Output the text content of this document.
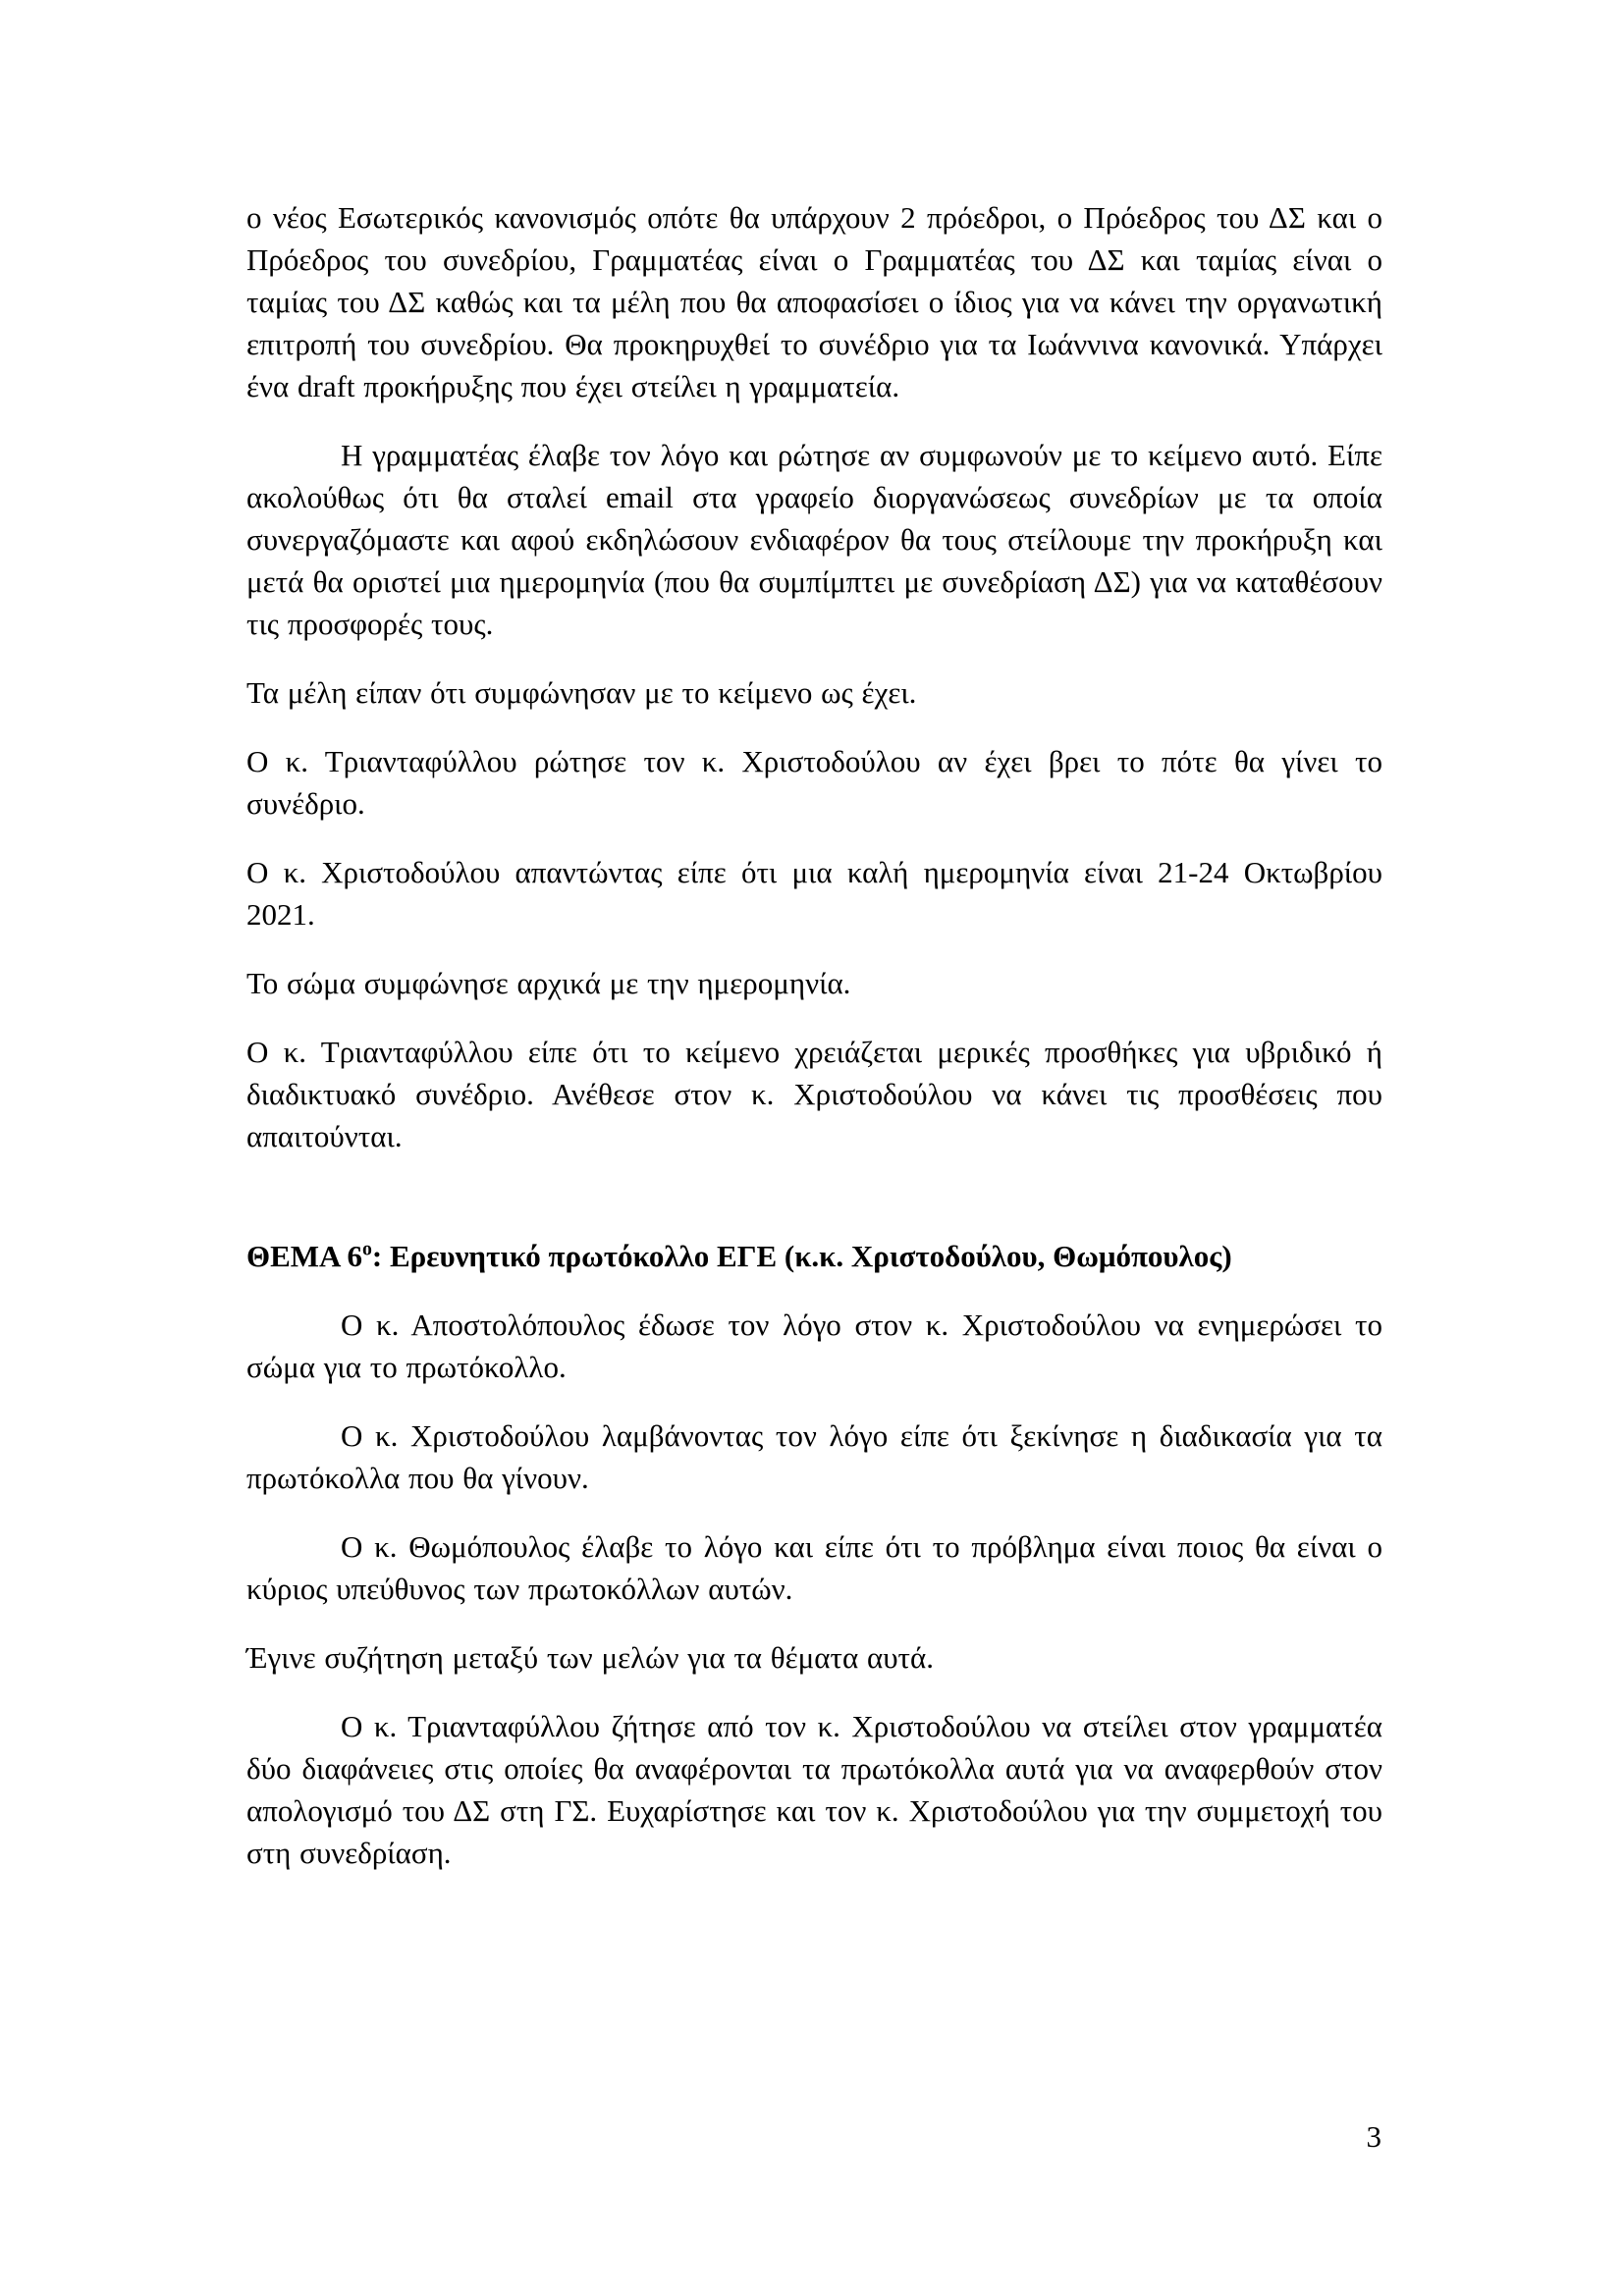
ο νέος Εσωτερικός κανονισμός οπότε θα υπάρχουν 2 πρόεδροι, ο Πρόεδρος του ΔΣ και ο Πρόεδρος του συνεδρίου, Γραμματέας είναι ο Γραμματέας του ΔΣ και ταμίας είναι ο ταμίας του ΔΣ καθώς και τα μέλη που θα αποφασίσει ο ίδιος για να κάνει την οργανωτική επιτροπή του συνεδρίου. Θα προκηρυχθεί το συνέδριο για τα Ιωάννινα κανονικά. Υπάρχει ένα draft προκήρυξης που έχει στείλει η γραμματεία.

Η γραμματέας έλαβε τον λόγο και ρώτησε αν συμφωνούν με το κείμενο αυτό. Είπε ακολούθως ότι θα σταλεί email στα γραφείο διοργανώσεως συνεδρίων με τα οποία συνεργαζόμαστε και αφού εκδηλώσουν ενδιαφέρον θα τους στείλουμε την προκήρυξη και μετά θα οριστεί μια ημερομηνία (που θα συμπίμπτει με συνεδρίαση ΔΣ) για να καταθέσουν τις προσφορές τους.

Τα μέλη είπαν ότι συμφώνησαν με το κείμενο ως έχει.

Ο κ. Τριανταφύλλου ρώτησε τον κ. Χριστοδούλου αν έχει βρει το πότε θα γίνει το συνέδριο.

Ο κ. Χριστοδούλου απαντώντας είπε ότι μια καλή ημερομηνία είναι 21-24 Οκτωβρίου 2021.

Το σώμα συμφώνησε αρχικά με την ημερομηνία.

Ο κ. Τριανταφύλλου είπε ότι το κείμενο χρειάζεται μερικές προσθήκες για υβριδικό ή διαδικτυακό συνέδριο. Ανέθεσε στον κ. Χριστοδούλου να κάνει τις προσθέσεις που απαιτούνται.

ΘΕΜΑ $6^o$: Ερευνητικό πρωτόκολλο ΕΓΕ (κ.κ. Χριστοδούλου, Θωμόπουλος)

Ο κ. Αποστολόπουλος έδωσε τον λόγο στον κ. Χριστοδούλου να ενημερώσει το σώμα για το πρωτόκολλο.

Ο κ. Χριστοδούλου λαμβάνοντας τον λόγο είπε ότι ξεκίνησε η διαδικασία για τα πρωτόκολλα που θα γίνουν.

Ο κ. Θωμόπουλος έλαβε το λόγο και είπε ότι το πρόβλημα είναι ποιος θα είναι ο κύριος υπεύθυνος των πρωτοκόλλων αυτών.

Έγινε συζήτηση μεταξύ των μελών για τα θέματα αυτά.

Ο κ. Τριανταφύλλου ζήτησε από τον κ. Χριστοδούλου να στείλει στον γραμματέα δύο διαφάνειες στις οποίες θα αναφέρονται τα πρωτόκολλα αυτά για να αναφερθούν στον απολογισμό του ΔΣ στη ΓΣ. Ευχαρίστησε και τον κ. Χριστοδούλου για την συμμετοχή του στη συνεδρίαση.

3
